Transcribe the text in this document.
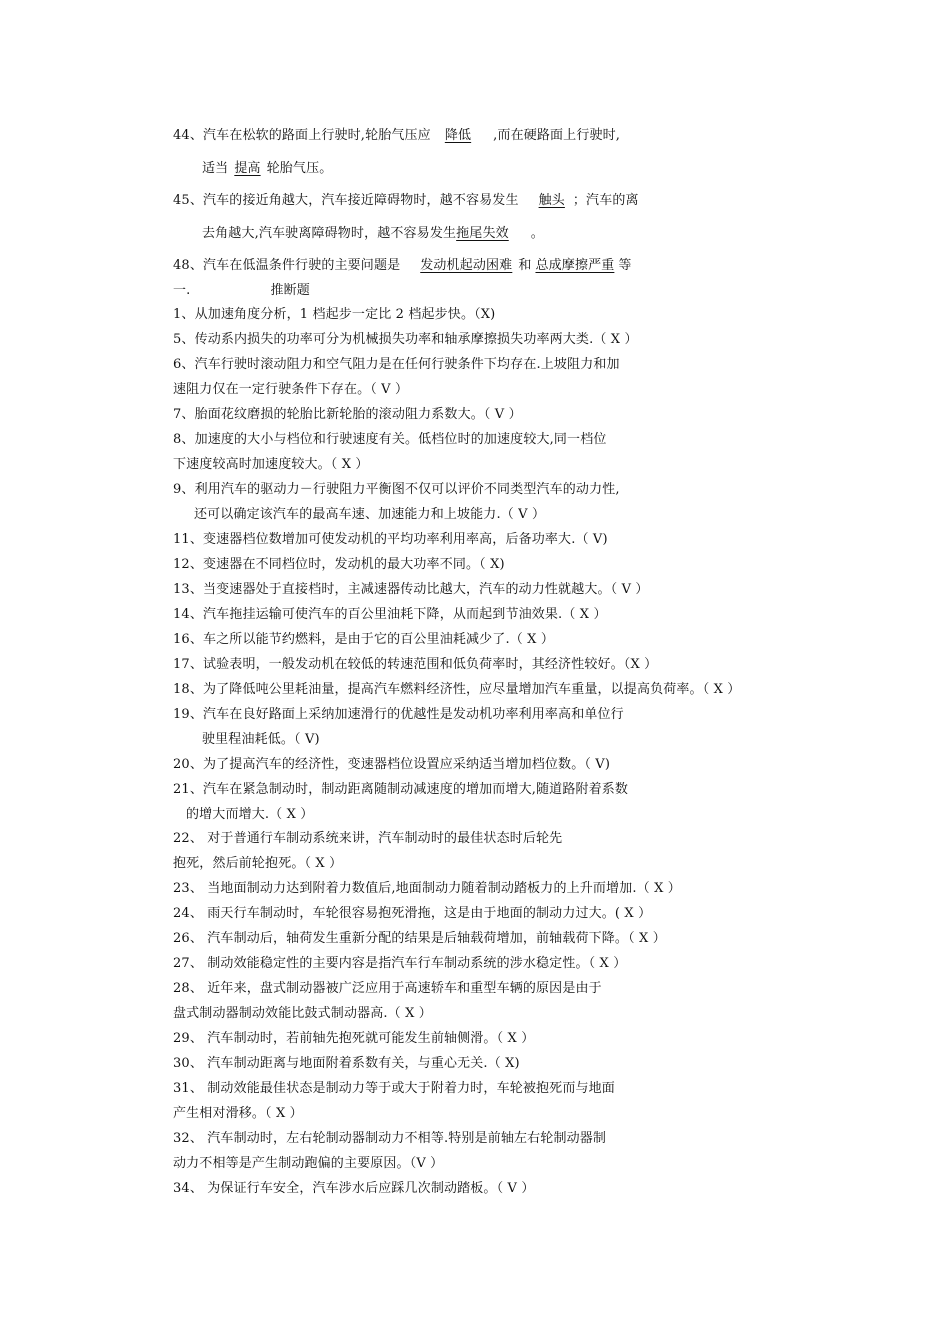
44、汽车在松软的路面上行驶时,轮胎气压应 降低 ,而在硬路面上行驶时,
适当 提高 轮胎气压。
45、汽车的接近角越大，汽车接近障碍物时，越不容易发生 触头 ；汽车的离
去角越大,汽车驶离障碍物时，越不容易发生拖尾失效 。
48、汽车在低温条件行驶的主要问题是 发动机起动困难 和 总成摩擦严重 等
一.	推断题
1、从加速角度分析，1 档起步一定比 2 档起步快。（X)
5、传动系内损失的功率可分为机械损失功率和轴承摩擦损失功率两大类.（ X ）
6、汽车行驶时滚动阻力和空气阻力是在任何行驶条件下均存在.上坡阻力和加
速阻力仅在一定行驶条件下存在。（ V ）
7、胎面花纹磨损的轮胎比新轮胎的滚动阻力系数大。（ V ）
8、加速度的大小与档位和行驶速度有关。低档位时的加速度较大,同一档位
下速度较高时加速度较大。（ X ）
9、利用汽车的驱动力－行驶阻力平衡图不仅可以评价不同类型汽车的动力性,
还可以确定该汽车的最高车速、加速能力和上坡能力.（ V ）
11、变速器档位数增加可使发动机的平均功率利用率高，后备功率大.（ V)
12、变速器在不同档位时，发动机的最大功率不同。（ X)
13、当变速器处于直接档时，主减速器传动比越大，汽车的动力性就越大。（ V ）
14、汽车拖挂运输可使汽车的百公里油耗下降，从而起到节油效果.（ X ）
16、车之所以能节约燃料，是由于它的百公里油耗减少了.（ X ）
17、试验表明，一般发动机在较低的转速范围和低负荷率时，其经济性较好。（X ）
18、为了降低吨公里耗油量，提高汽车燃料经济性，应尽量增加汽车重量，以提高负荷率。（ X ）
19、汽车在良好路面上采纳加速滑行的优越性是发动机功率利用率高和单位行
驶里程油耗低。（ V)
20、为了提高汽车的经济性，变速器档位设置应采纳适当增加档位数。（ V)
21、汽车在紧急制动时，制动距离随制动减速度的增加而增大,随道路附着系数
的增大而增大.（ X ）
22、 对于普通行车制动系统来讲，汽车制动时的最佳状态时后轮先
抱死，然后前轮抱死。（ X ）
23、 当地面制动力达到附着力数值后,地面制动力随着制动踏板力的上升而增加.（ X ）
24、 雨天行车制动时，车轮很容易抱死滑拖，这是由于地面的制动力过大。( X ）
26、 汽车制动后，轴荷发生重新分配的结果是后轴载荷增加，前轴载荷下降。（ X ）
27、 制动效能稳定性的主要内容是指汽车行车制动系统的涉水稳定性。（ X ）
28、 近年来，盘式制动器被广泛应用于高速轿车和重型车辆的原因是由于
盘式制动器制动效能比鼓式制动器高.（ X ）
29、 汽车制动时，若前轴先抱死就可能发生前轴侧滑。（ X ）
30、 汽车制动距离与地面附着系数有关，与重心无关.（ X)
31、 制动效能最佳状态是制动力等于或大于附着力时，车轮被抱死而与地面
产生相对滑移。（ X ）
32、 汽车制动时，左右轮制动器制动力不相等.特别是前轴左右轮制动器制
动力不相等是产生制动跑偏的主要原因。（V ）
34、 为保证行车安全，汽车涉水后应踩几次制动踏板。（ V ）
